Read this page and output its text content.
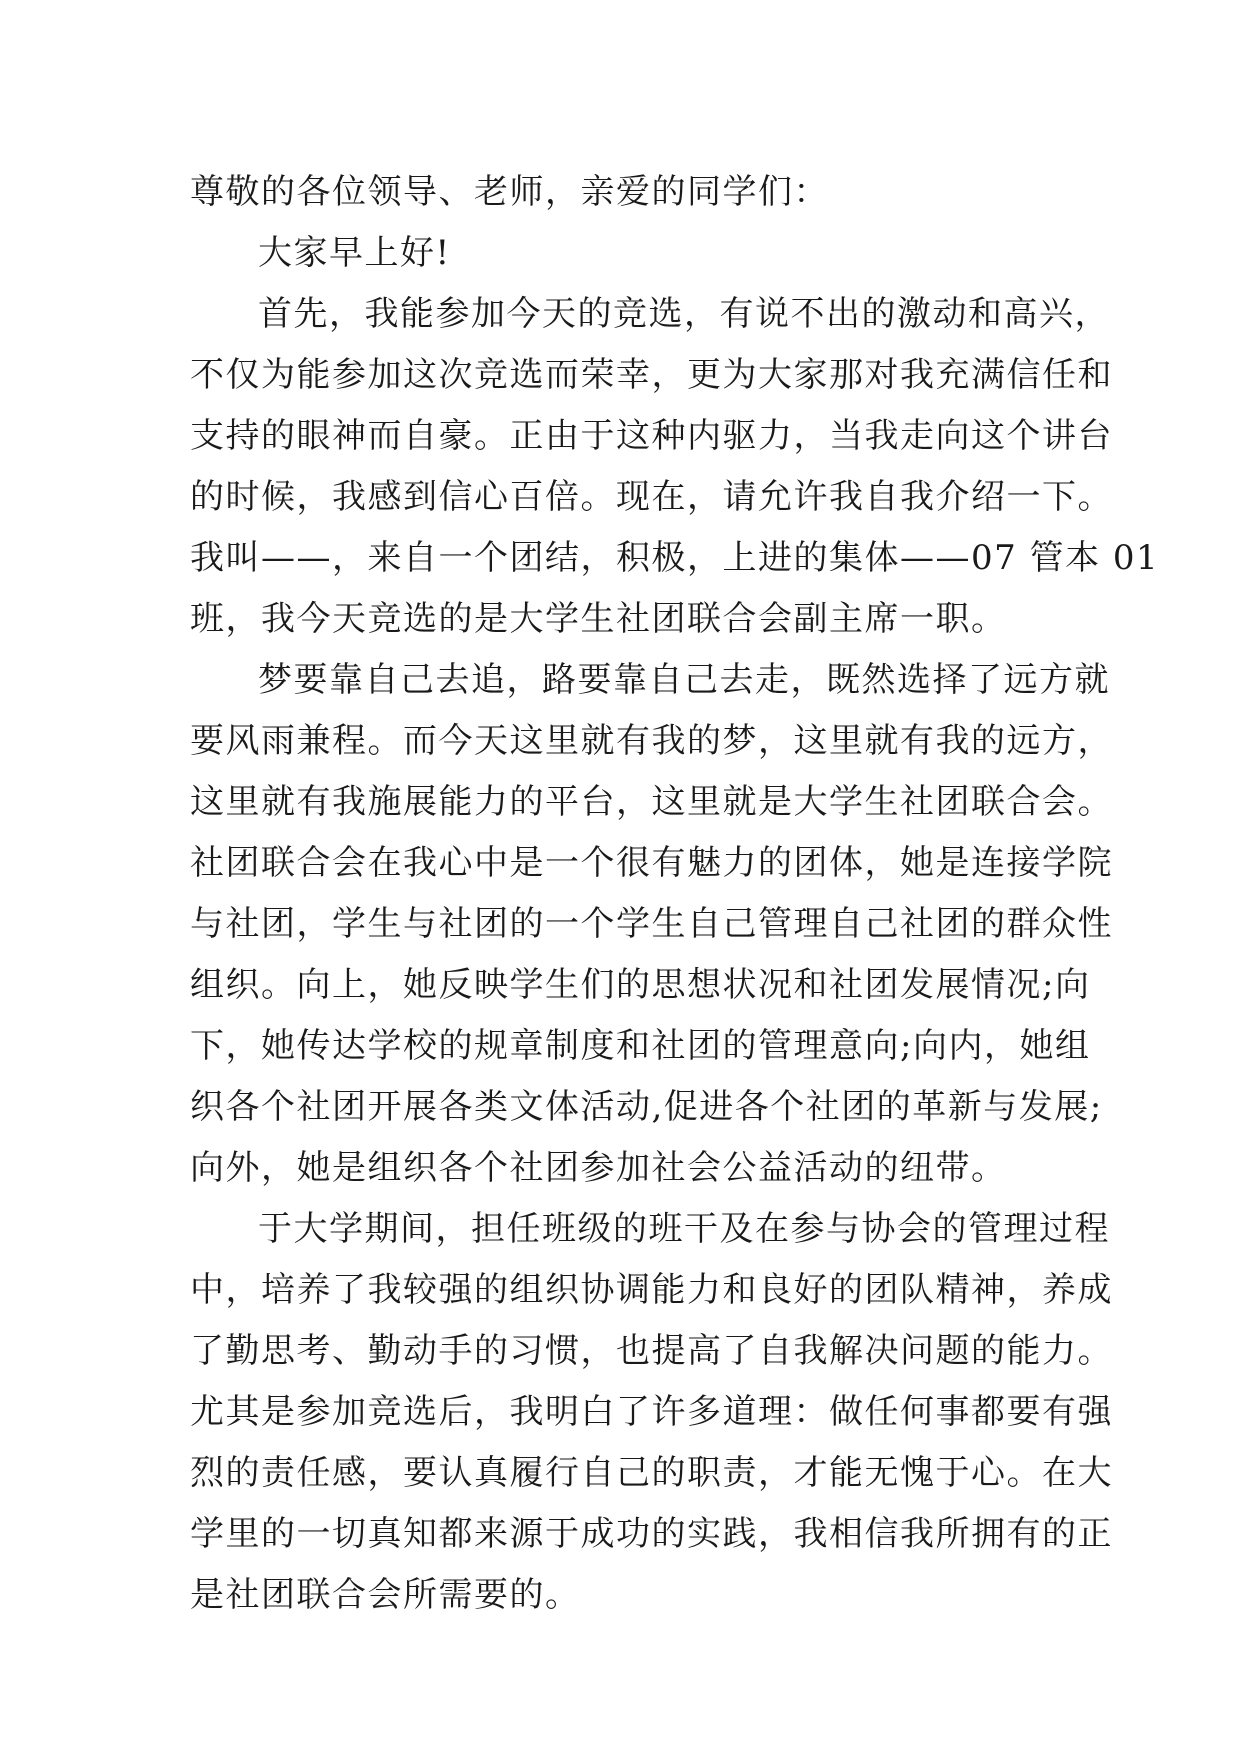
尊敬的各位领导、老师，亲爱的同学们：
大家早上好!
首先，我能参加今天的竞选，有说不出的激动和高兴，
不仅为能参加这次竞选而荣幸，更为大家那对我充满信任和
支持的眼神而自豪。正由于这种内驱力，当我走向这个讲台
的时候，我感到信心百倍。现在，请允许我自我介绍一下。
我叫——，来自一个团结，积极，上进的集体——07 管本 01
班，我今天竞选的是大学生社团联合会副主席一职。
梦要靠自己去追，路要靠自己去走，既然选择了远方就
要风雨兼程。而今天这里就有我的梦，这里就有我的远方，
这里就有我施展能力的平台，这里就是大学生社团联合会。
社团联合会在我心中是一个很有魅力的团体，她是连接学院
与社团，学生与社团的一个学生自己管理自己社团的群众性
组织。向上，她反映学生们的思想状况和社团发展情况;向
下，她传达学校的规章制度和社团的管理意向;向内，她组
织各个社团开展各类文体活动,促进各个社团的革新与发展;
向外，她是组织各个社团参加社会公益活动的纽带。
于大学期间，担任班级的班干及在参与协会的管理过程
中，培养了我较强的组织协调能力和良好的团队精神，养成
了勤思考、勤动手的习惯，也提高了自我解决问题的能力。
尤其是参加竞选后，我明白了许多道理：做任何事都要有强
烈的责任感，要认真履行自己的职责，才能无愧于心。在大
学里的一切真知都来源于成功的实践，我相信我所拥有的正
是社团联合会所需要的。
